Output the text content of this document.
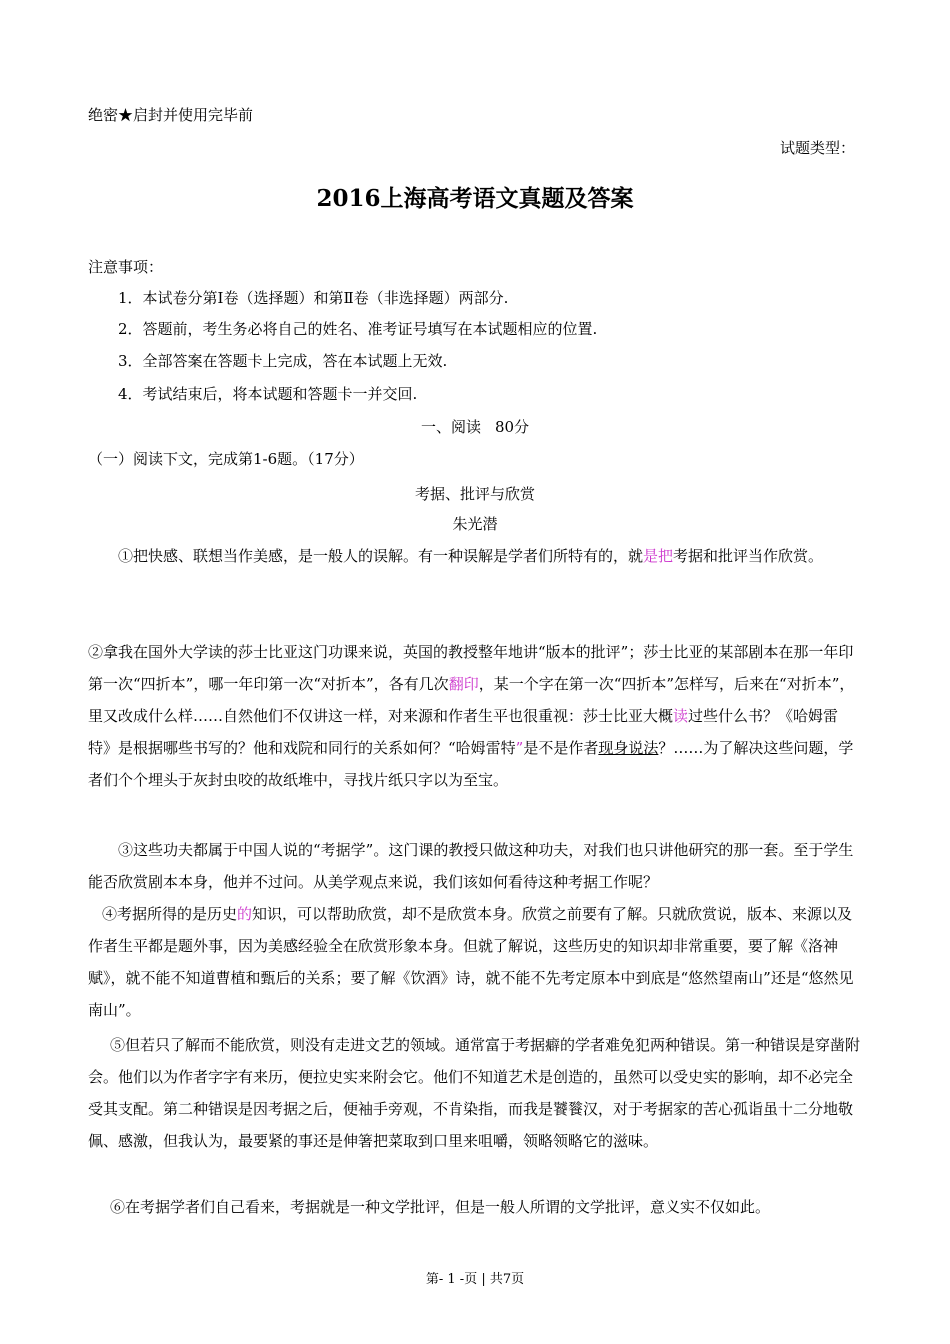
绝密★启封并使用完毕前
试题类型：
2016上海高考语文真题及答案
注意事项：
1．本试卷分第Ⅰ卷（选择题）和第Ⅱ卷（非选择题）两部分.
2．答题前，考生务必将自己的姓名、准考证号填写在本试题相应的位置.
3．全部答案在答题卡上完成，答在本试题上无效.
4．考试结束后，将本试题和答题卡一并交回.
一、阅读 80分
（一）阅读下文，完成第1-6题。（17分）
考据、批评与欣赏
朱光潜
①把快感、联想当作美感，是一般人的误解。有一种误解是学者们所特有的，就是把考据和批评当作欣赏。
②拿我在国外大学读的莎士比亚这门功课来说，英国的教授整年地讲“版本的批评”；莎士比亚的某部剧本在那一年印第一次“四折本”，哪一年印第一次“对折本”，各有几次翻印，某一个字在第一次“四折本”怎样写，后来在“对折本”，里又改成什么样……自然他们不仅讲这一样，对来源和作者生平也很重视：莎士比亚大概读过些什么书？《哈姆雷特》是根据哪些书写的？他和戏院和同行的关系如何？“哈姆雷特”是不是作者现身说法？……为了解决这些问题，学者们个个埋头于灰封虫咬的故纸堆中，寻找片纸只字以为至宝。
③这些功夫都属于中国人说的“考据学”。这门课的教授只做这种功夫，对我们也只讲他研究的那一套。至于学生能否欣赏剧本本身，他并不过问。从美学观点来说，我们该如何看待这种考据工作呢？
④考据所得的是历史的知识，可以帮助欣赏，却不是欣赏本身。欣赏之前要有了解。只就欣赏说，版本、来源以及作者生平都是题外事，因为美感经验全在欣赏形象本身。但就了解说，这些历史的知识却非常重要，要了解《洛神赋》，就不能不知道曹植和甄后的关系；要了解《饮酒》诗，就不能不先考定原本中到底是“悠然望南山”还是“悠然见南山”。
⑤但若只了解而不能欣赏，则没有走进文艺的领域。通常富于考据癖的学者难免犯两种错误。第一种错误是穿凿附会。他们以为作者字字有来历，便拉史实来附会它。他们不知道艺术是创造的，虽然可以受史实的影响，却不必完全受其支配。第二种错误是因考据之后，便袖手旁观，不肯染指，而我是饕餮汉，对于考据家的苦心孤诣虽十二分地敬佩、感激，但我认为，最要紧的事还是伸箸把菜取到口里来咀嚼，领略领略它的滋味。
⑥在考据学者们自己看来，考据就是一种文学批评，但是一般人所谓的文学批评，意义实不仅如此。
第- 1 -页 | 共7页
